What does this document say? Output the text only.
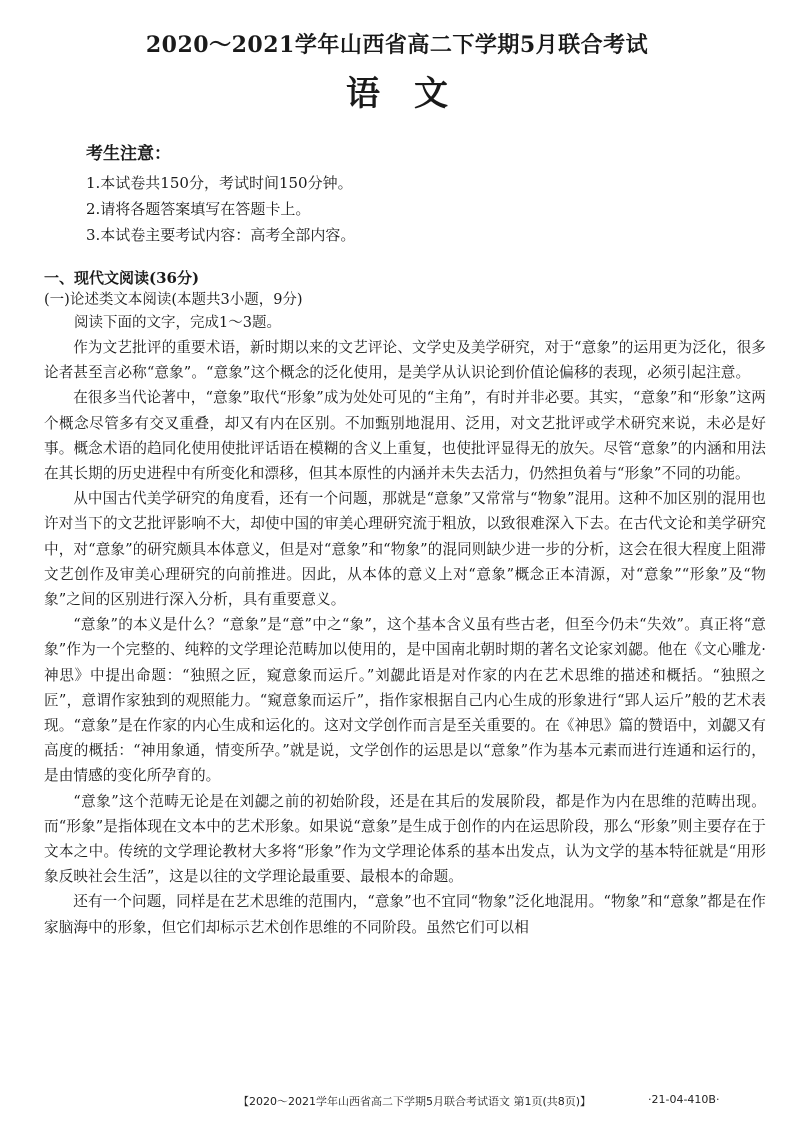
2020～2021学年山西省高二下学期5月联合考试
语文
考生注意：
1.本试卷共150分，考试时间150分钟。
2.请将各题答案填写在答题卡上。
3.本试卷主要考试内容：高考全部内容。
一、现代文阅读(36分)
(一)论述类文本阅读(本题共3小题，9分)
阅读下面的文字，完成1～3题。

作为文艺批评的重要术语，新时期以来的文艺评论、文学史及美学研究，对于“意象”的运用更为泛化，很多论者甚至言必称“意象”。“意象”这个概念的泛化使用，是美学从认识论到价值论偏移的表现，必须引起注意。

在很多当代论著中，“意象”取代“形象”成为处处可见的“主角”，有时并非必要。其实，“意象”和“形象”这两个概念尽管多有交叉重叠，却又有内在区别。不加甄别地混用、泛用，对文艺批评或学术研究来说，未必是好事。概念术语的趋同化使用使批评话语在模糊的含义上重复，也使批评显得无的放矢。尽管“意象”的内涵和用法在其长期的历史进程中有所变化和漂移，但其本原性的内涵并未失去活力，仍然担负着与“形象”不同的功能。

从中国古代美学研究的角度看，还有一个问题，那就是“意象”又常常与“物象”混用。这种不加区别的混用也许对当下的文艺批评影响不大，却使中国的审美心理研究流于粗放，以致很难深入下去。在古代文论和美学研究中，对“意象”的研究颇具本体意义，但是对“意象”和“物象”的混同则缺少进一步的分析，这会在很大程度上阻滞文艺创作及审美心理研究的向前推进。因此，从本体的意义上对“意象”概念正本清源，对“意象”“形象”及“物象”之间的区别进行深入分析，具有重要意义。

“意象”的本义是什么？“意象”是“意”中之“象”，这个基本含义虽有些古老，但至今仍未“失效”。真正将“意象”作为一个完整的、纯粹的文学理论范畴加以使用的，是中国南北朝时期的著名文论家刘勰。他在《文心雕龙·神思》中提出命题：“独照之匠，窥意象而运斤。”刘勰此语是对作家的内在艺术思维的描述和概括。“独照之匠”，意谓作家独到的观照能力。“窥意象而运斤”，指作家根据自己内心生成的形象进行“郢人运斤”般的艺术表现。“意象”是在作家的内心生成和运化的。这对文学创作而言是至关重要的。在《神思》篇的赞语中，刘勰又有高度的概括：“神用象通，情变所孕。”就是说，文学创作的运思是以“意象”作为基本元素而进行连通和运行的，是由情感的变化所孕育的。

“意象”这个范畴无论是在刘勰之前的初始阶段，还是在其后的发展阶段，都是作为内在思维的范畴出现。而“形象”是指体现在文本中的艺术形象。如果说“意象”是生成于创作的内在运思阶段，那么“形象”则主要存在于文本之中。传统的文学理论教材大多将“形象”作为文学理论体系的基本出发点，认为文学的基本特征就是“用形象反映社会生活”，这是以往的文学理论最重要、最根本的命题。

还有一个问题，同样是在艺术思维的范围内，“意象”也不宜同“物象”泛化地混用。“物象”和“意象”都是在作家脑海中的形象，但它们却标示艺术创作思维的不同阶段。虽然它们可以相

【2020～2021学年山西省高二下学期5月联合考试语文 第1页(共8页)】	·21-04-410B·
